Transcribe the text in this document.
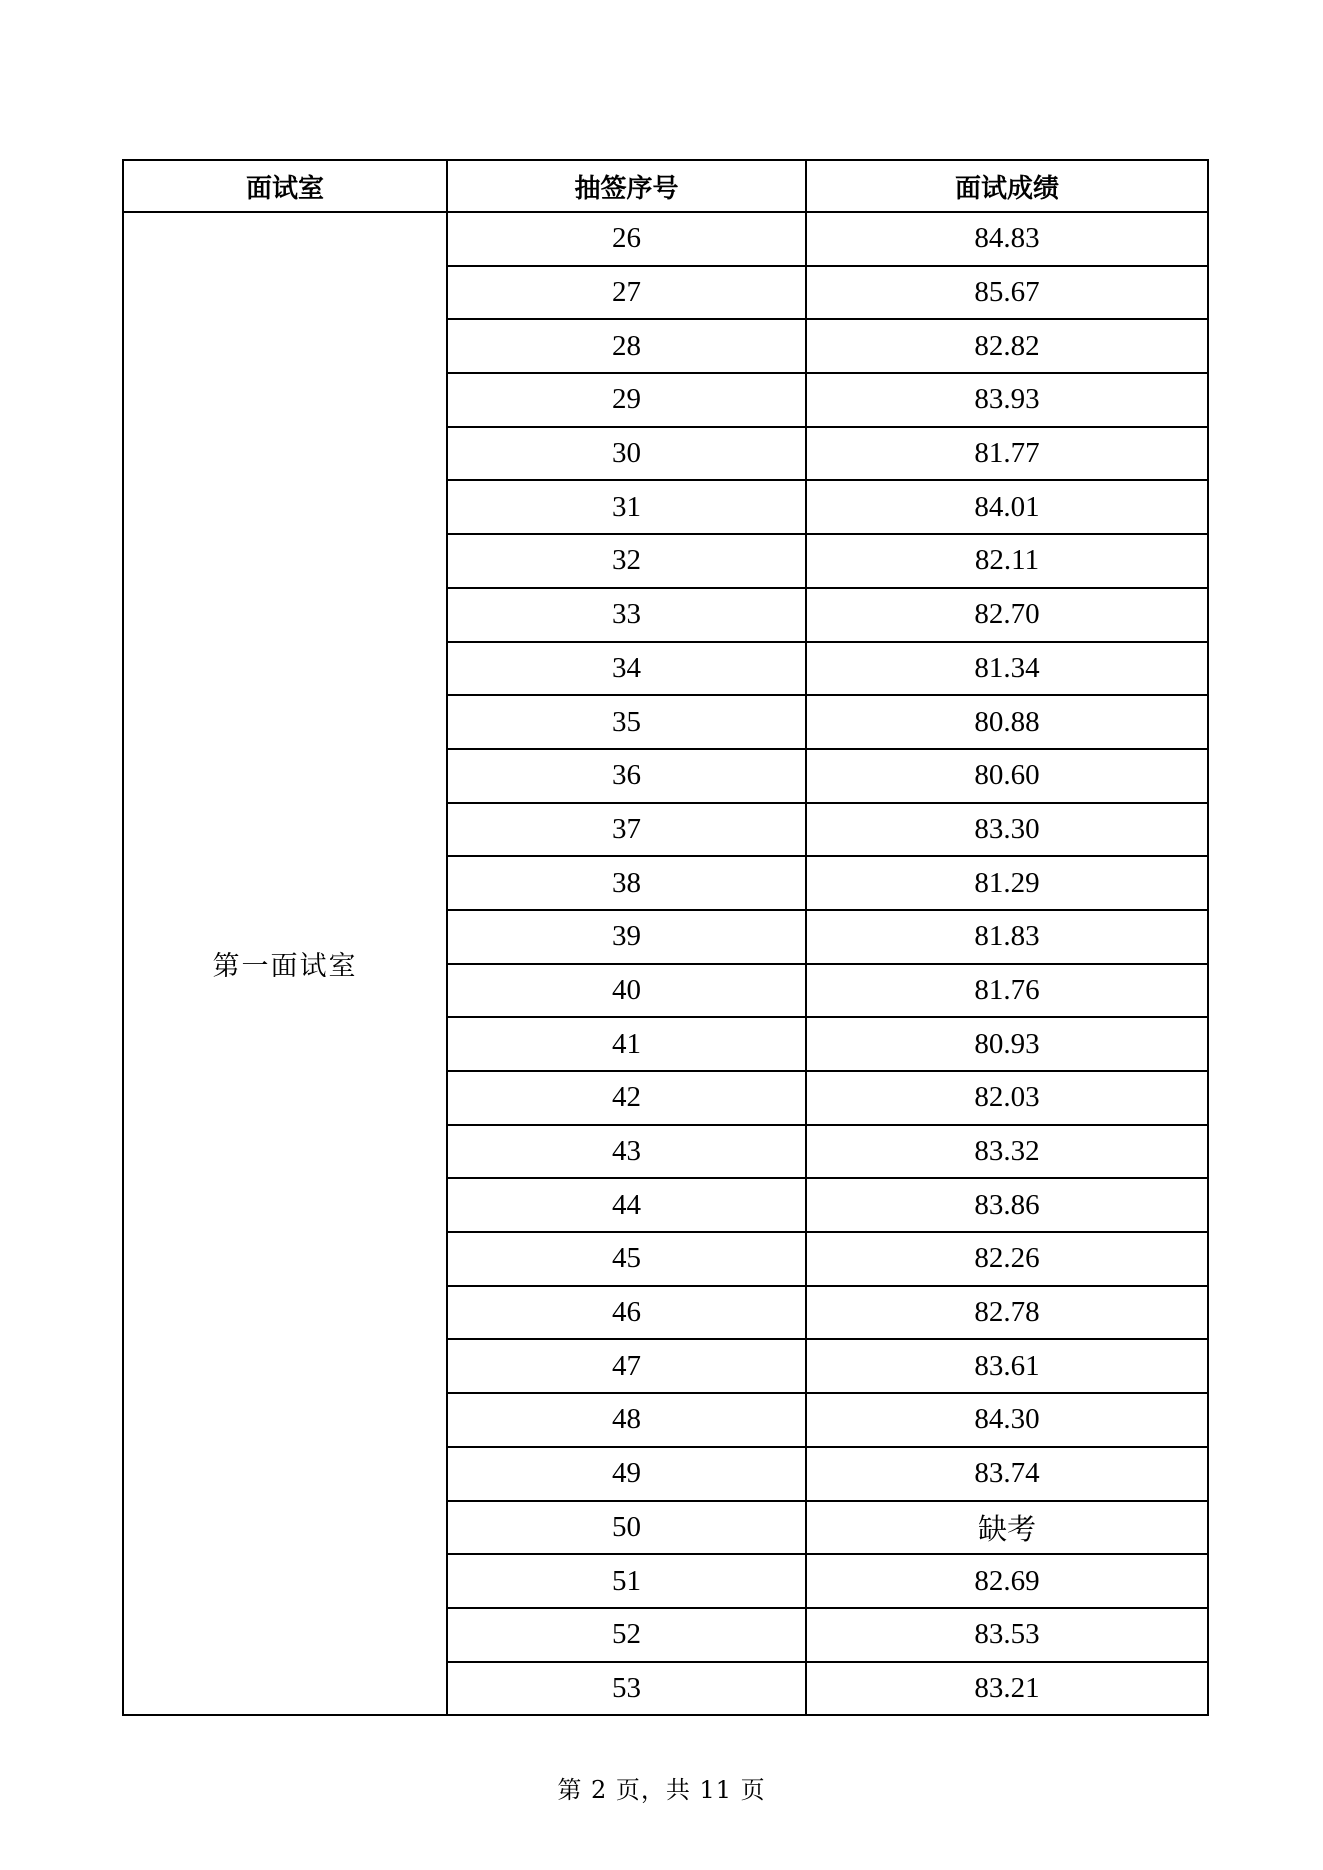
面试室	抽签序号	面试成绩
第一面试室	26	84.83
	27	85.67
	28	82.82
	29	83.93
	30	81.77
	31	84.01
	32	82.11
	33	82.70
	34	81.34
	35	80.88
	36	80.60
	37	83.30
	38	81.29
	39	81.83
	40	81.76
	41	80.93
	42	82.03
	43	83.32
	44	83.86
	45	82.26
	46	82.78
	47	83.61
	48	84.30
	49	83.74
	50	缺考
	51	82.69
	52	83.53
	53	83.21
第 2 页，共 11 页
